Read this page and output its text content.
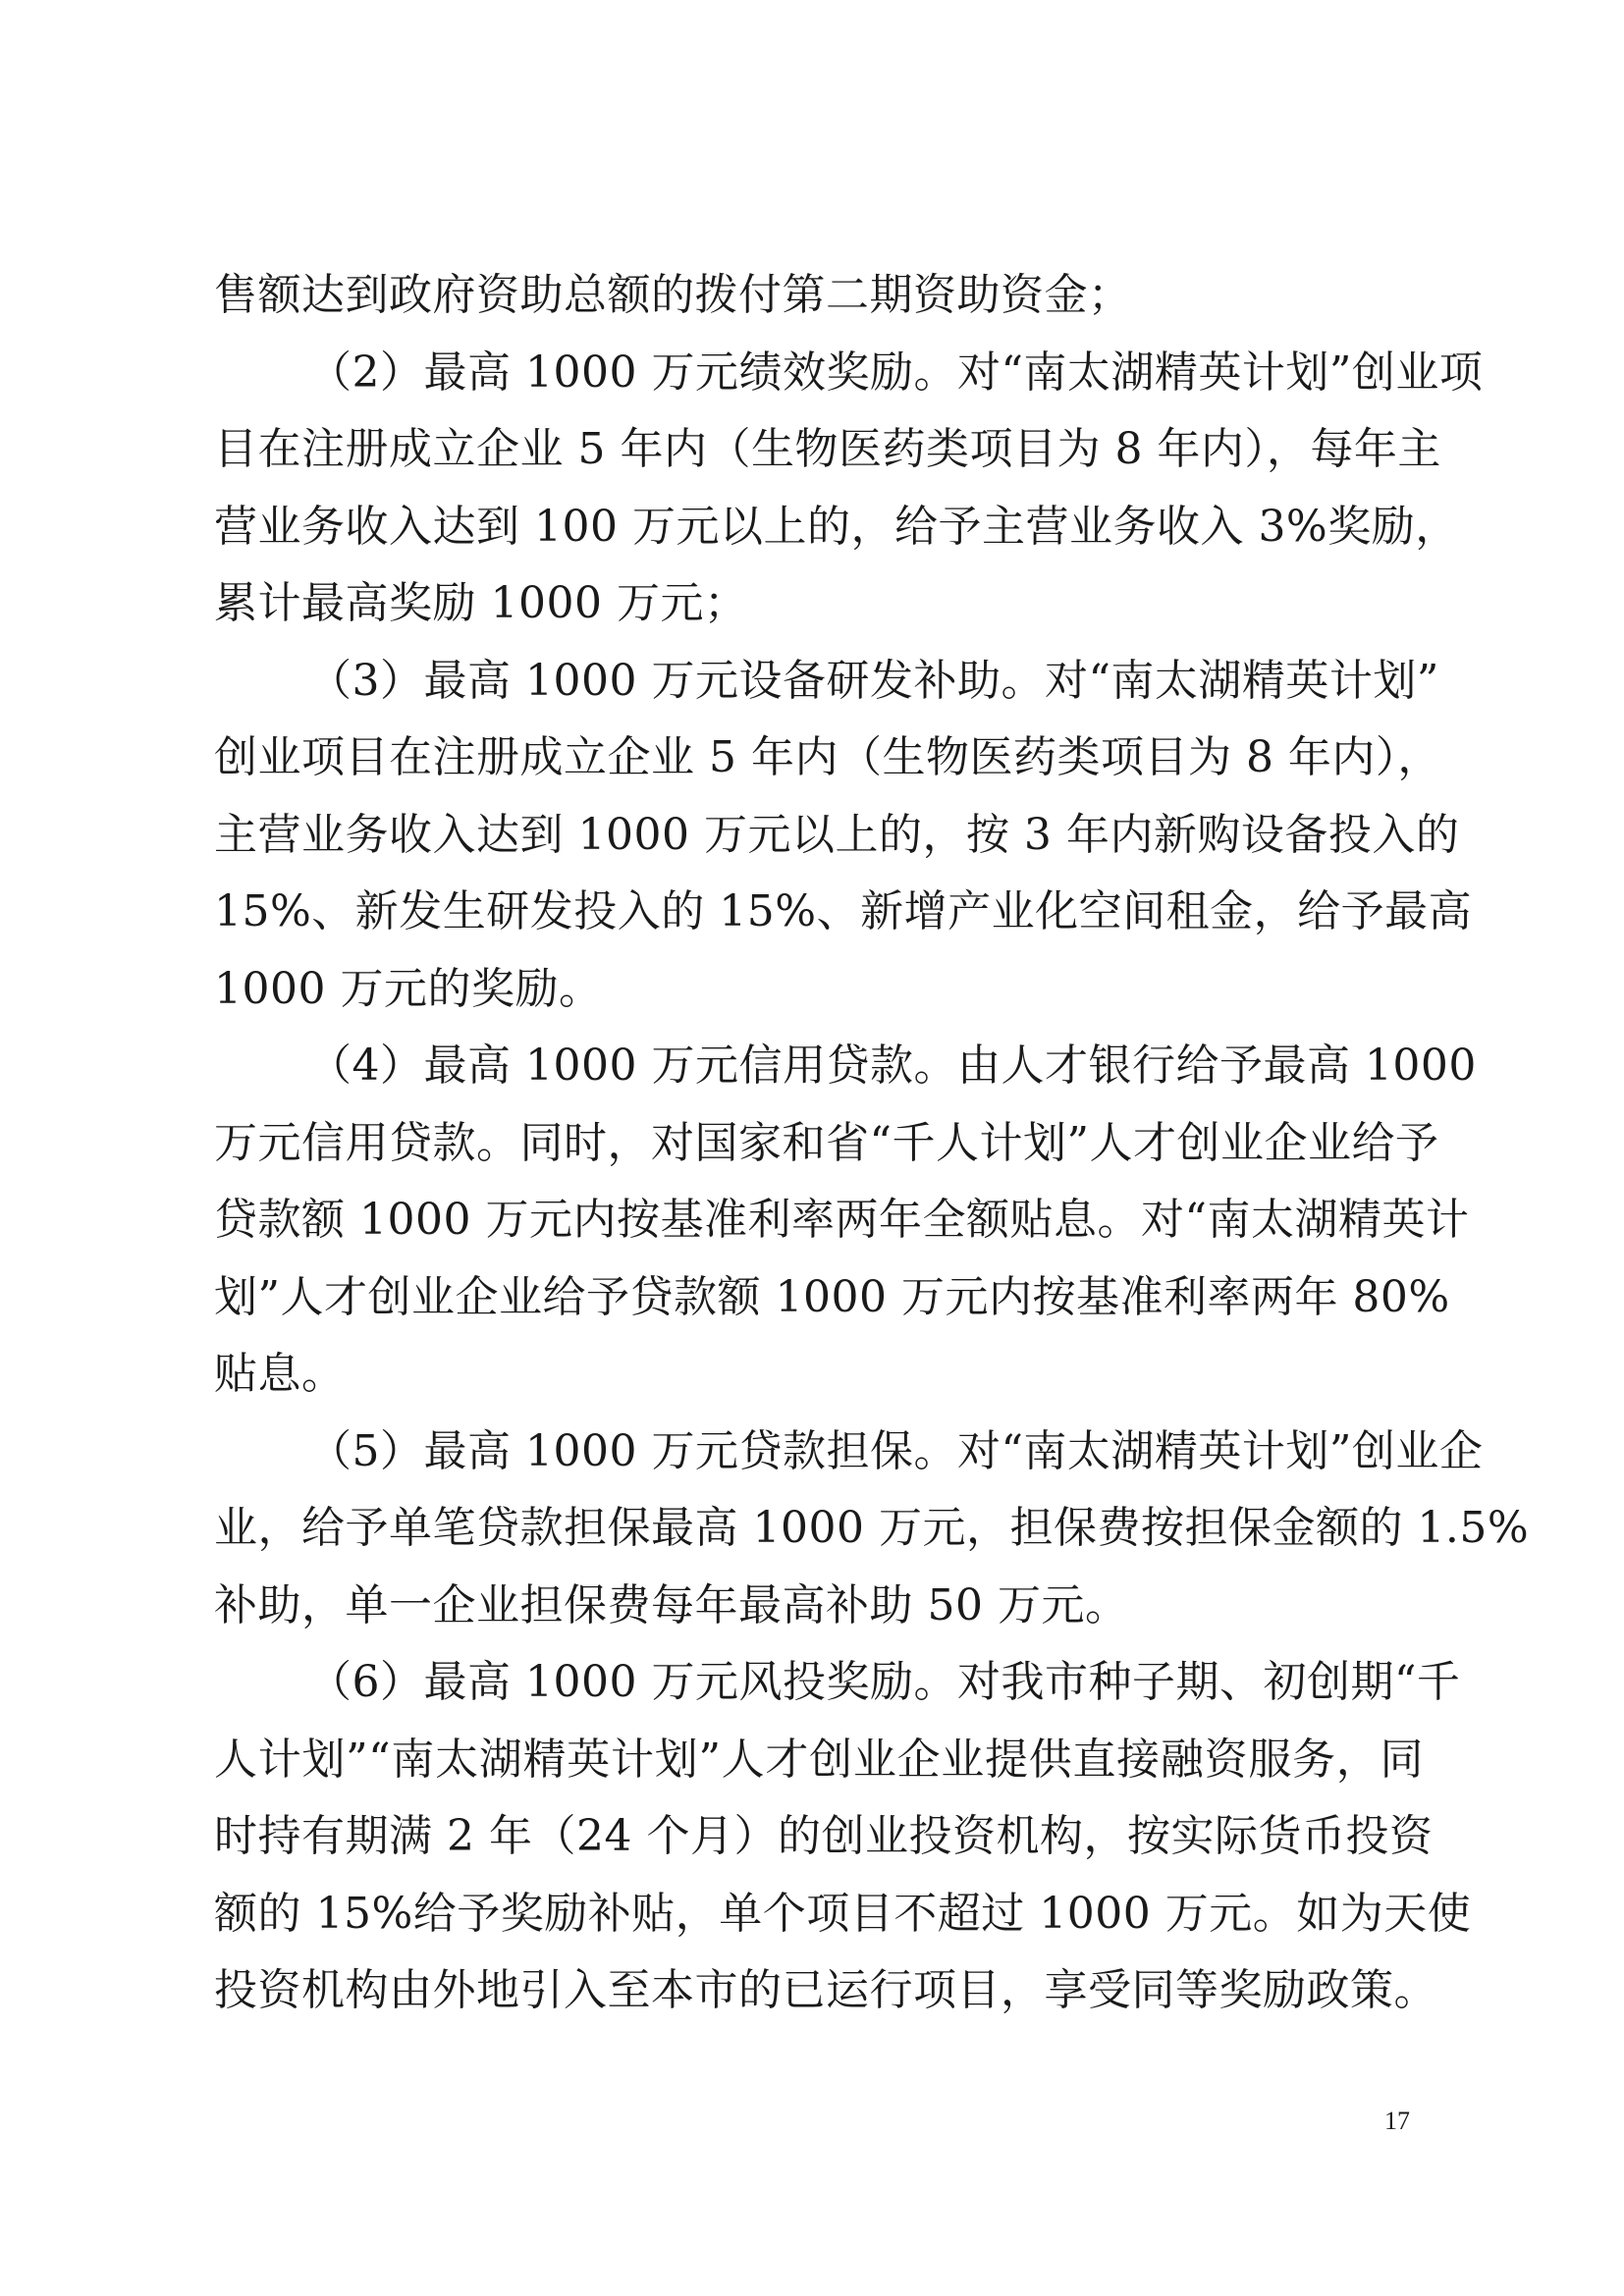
售额达到政府资助总额的拨付第二期资助资金；
（2）最高 1000 万元绩效奖励。对“南太湖精英计划”创业项
目在注册成立企业 5 年内（生物医药类项目为 8 年内），每年主
营业务收入达到 100 万元以上的，给予主营业务收入 3%奖励，
累计最高奖励 1000 万元；
（3）最高 1000 万元设备研发补助。对“南太湖精英计划”
创业项目在注册成立企业 5 年内（生物医药类项目为 8 年内），
主营业务收入达到 1000 万元以上的，按 3 年内新购设备投入的
15%、新发生研发投入的 15%、新增产业化空间租金，给予最高
1000 万元的奖励。
（4）最高 1000 万元信用贷款。由人才银行给予最高 1000
万元信用贷款。同时，对国家和省“千人计划”人才创业企业给予
贷款额 1000 万元内按基准利率两年全额贴息。对“南太湖精英计
划”人才创业企业给予贷款额 1000 万元内按基准利率两年 80%
贴息。
（5）最高 1000 万元贷款担保。对“南太湖精英计划”创业企
业，给予单笔贷款担保最高 1000 万元，担保费按担保金额的 1.5%
补助，单一企业担保费每年最高补助 50 万元。
（6）最高 1000 万元风投奖励。对我市种子期、初创期“千
人计划”“南太湖精英计划”人才创业企业提供直接融资服务，同
时持有期满 2 年（24 个月）的创业投资机构，按实际货币投资
额的 15%给予奖励补贴，单个项目不超过 1000 万元。如为天使
投资机构由外地引入至本市的已运行项目，享受同等奖励政策。
17
